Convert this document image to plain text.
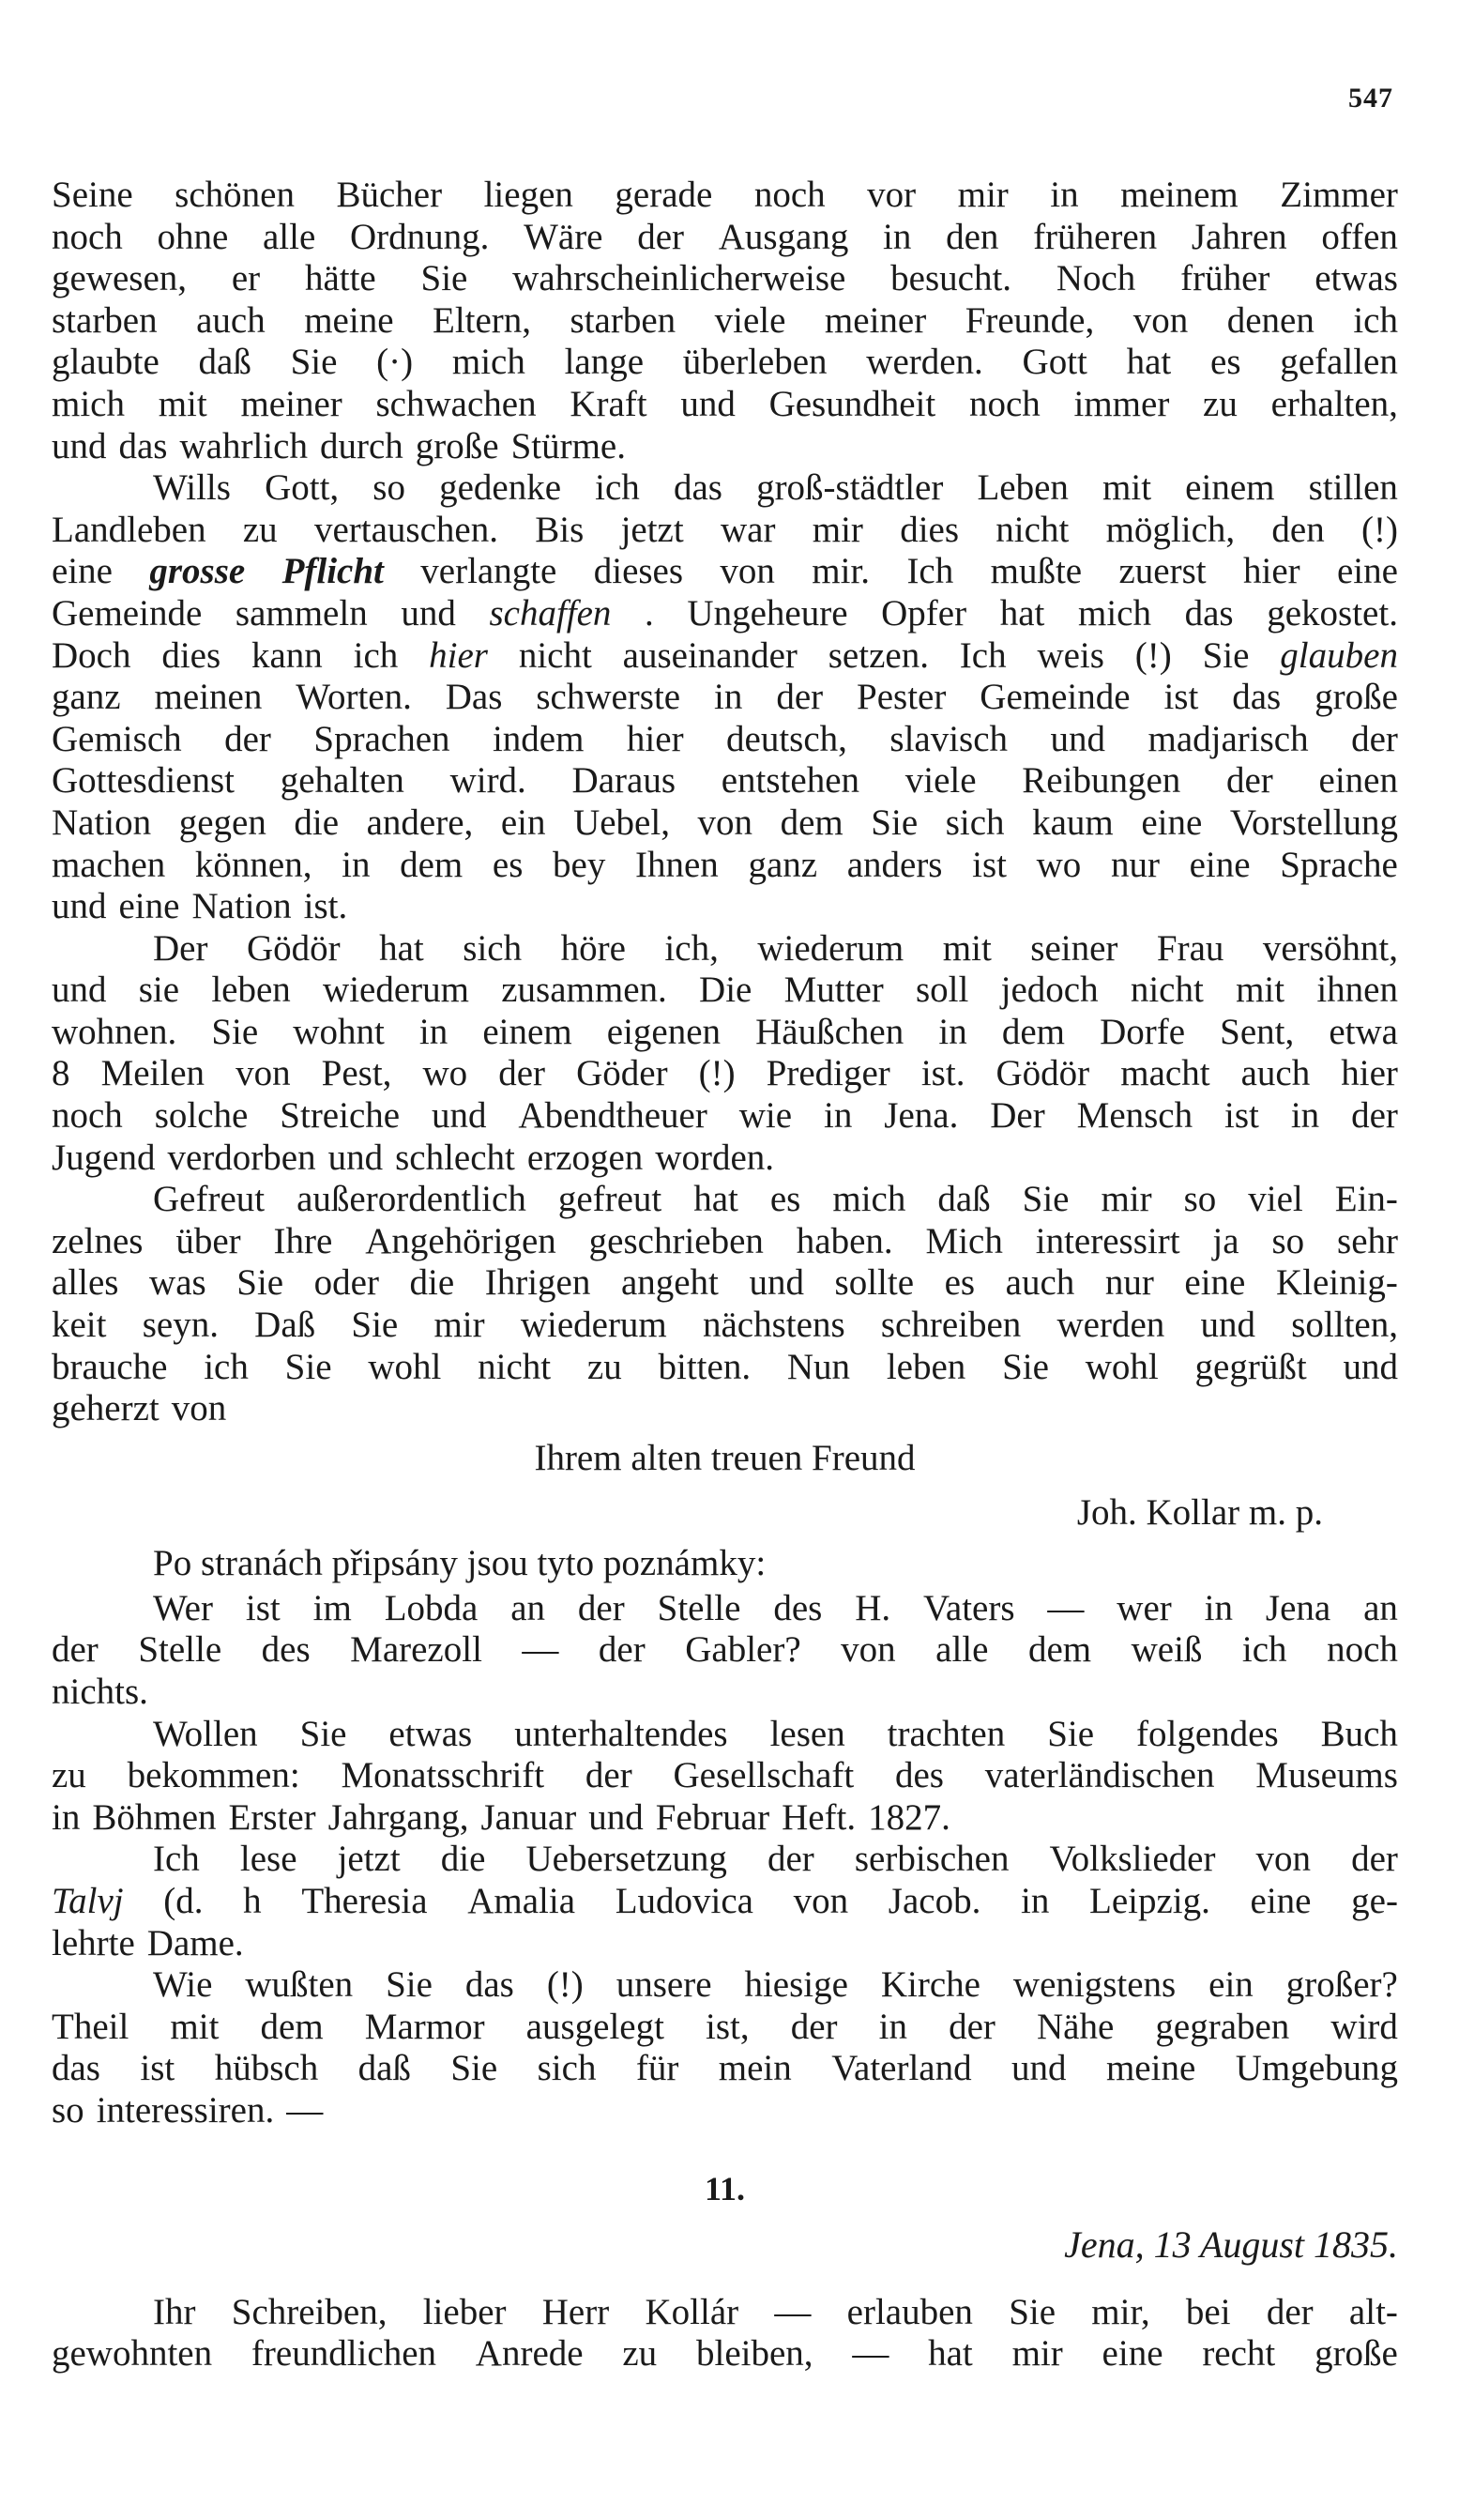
547
Seine schönen Bücher liegen gerade noch vor mir in meinem Zimmer
noch ohne alle Ordnung. Wäre der Ausgang in den früheren Jahren offen
gewesen, er hätte Sie wahrscheinlicherweise besucht. Noch früher etwas
starben auch meine Eltern, starben viele meiner Freunde, von denen ich
glaubte daß Sie (·) mich lange überleben werden. Gott hat es gefallen
mich mit meiner schwachen Kraft und Gesundheit noch immer zu erhalten,
und das wahrlich durch große Stürme.
Wills Gott, so gedenke ich das groß-städtler Leben mit einem stillen
Landleben zu vertauschen. Bis jetzt war mir dies nicht möglich, den (!)
eine grosse Pflicht verlangte dieses von mir. Ich mußte zuerst hier eine
Gemeinde sammeln und schaffen . Ungeheure Opfer hat mich das gekostet.
Doch dies kann ich hier nicht auseinander setzen. Ich weis (!) Sie glauben
ganz meinen Worten. Das schwerste in der Pester Gemeinde ist das große
Gemisch der Sprachen indem hier deutsch, slavisch und madjarisch der
Gottesdienst gehalten wird. Daraus entstehen viele Reibungen der einen
Nation gegen die andere, ein Uebel, von dem Sie sich kaum eine Vorstellung
machen können, in dem es bey Ihnen ganz anders ist wo nur eine Sprache
und eine Nation ist.
Der Gödör hat sich höre ich, wiederum mit seiner Frau versöhnt,
und sie leben wiederum zusammen. Die Mutter soll jedoch nicht mit ihnen
wohnen. Sie wohnt in einem eigenen Häußchen in dem Dorfe Sent, etwa
8 Meilen von Pest, wo der Göder (!) Prediger ist. Gödör macht auch hier
noch solche Streiche und Abendtheuer wie in Jena. Der Mensch ist in der
Jugend verdorben und schlecht erzogen worden.
Gefreut außerordentlich gefreut hat es mich daß Sie mir so viel Ein-
zelnes über Ihre Angehörigen geschrieben haben. Mich interessirt ja so sehr
alles was Sie oder die Ihrigen angeht und sollte es auch nur eine Kleinig-
keit seyn. Daß Sie mir wiederum nächstens schreiben werden und sollten,
brauche ich Sie wohl nicht zu bitten. Nun leben Sie wohl gegrüßt und
geherzt von
Ihrem alten treuen Freund
Joh. Kollar m. p.
Po stranách připsány jsou tyto poznámky:
Wer ist im Lobda an der Stelle des H. Vaters — wer in Jena an
der Stelle des Marezoll — der Gabler? von alle dem weiß ich noch
nichts.
Wollen Sie etwas unterhaltendes lesen trachten Sie folgendes Buch
zu bekommen: Monatsschrift der Gesellschaft des vaterländischen Museums
in Böhmen Erster Jahrgang, Januar und Februar Heft. 1827.
Ich lese jetzt die Uebersetzung der serbischen Volkslieder von der
Talvj (d. h Theresia Amalia Ludovica von Jacob. in Leipzig. eine ge-
lehrte Dame.
Wie wußten Sie das (!) unsere hiesige Kirche wenigstens ein großer?
Theil mit dem Marmor ausgelegt ist, der in der Nähe gegraben wird
das ist hübsch daß Sie sich für mein Vaterland und meine Umgebung
so interessiren. —
11.
Jena, 13 August 1835.
Ihr Schreiben, lieber Herr Kollár — erlauben Sie mir, bei der alt-
gewohnten freundlichen Anrede zu bleiben, — hat mir eine recht große
